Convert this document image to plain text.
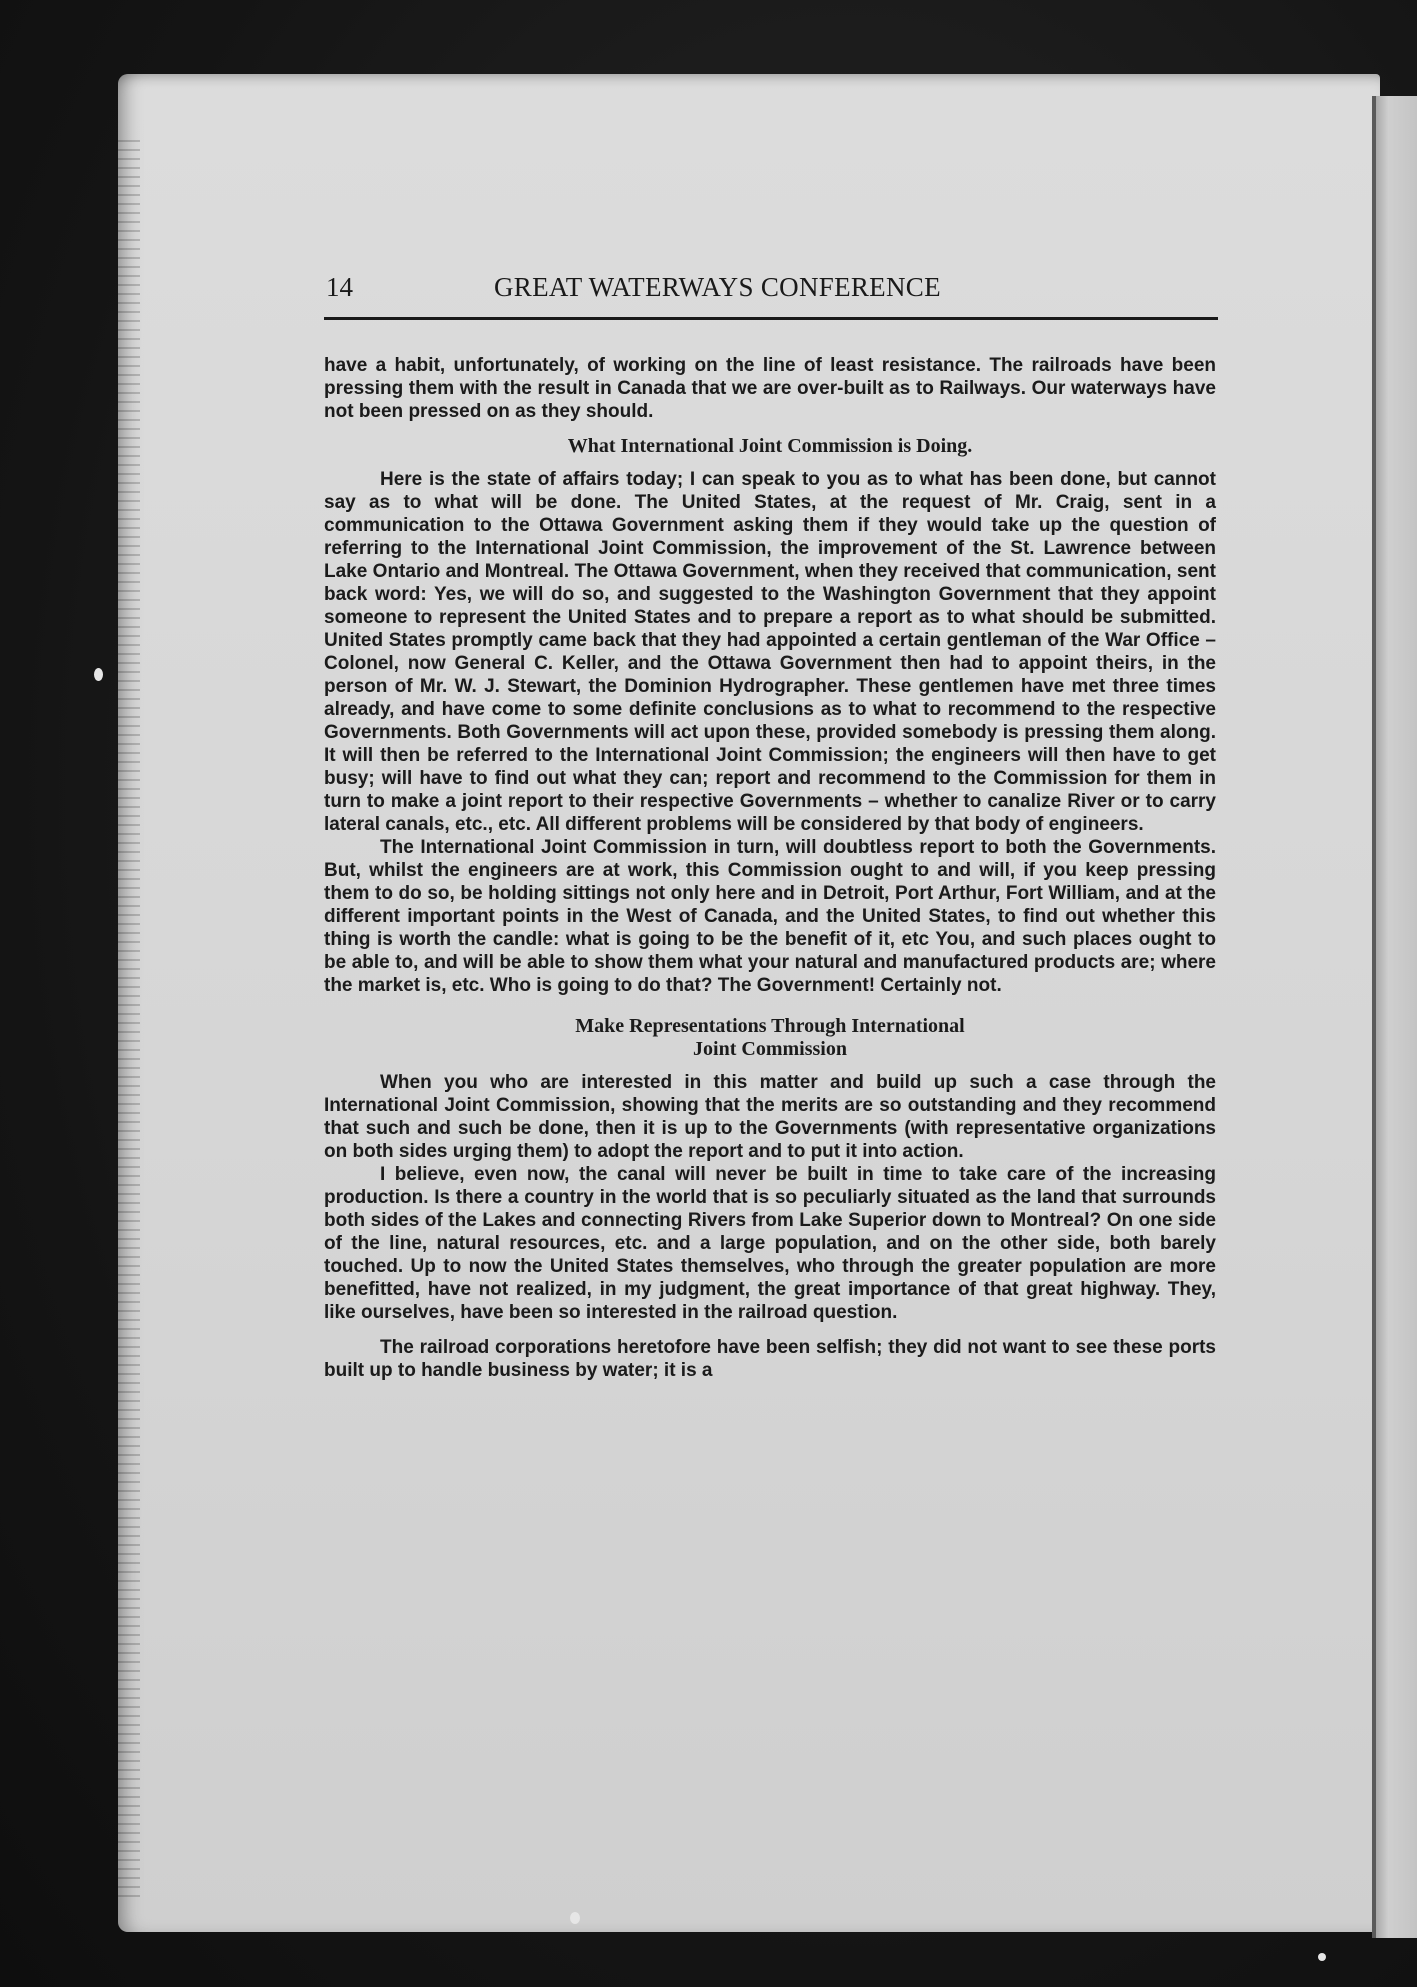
14	GREAT WATERWAYS CONFERENCE

have a habit, unfortunately, of working on the line of least resistance. The railroads have been pressing them with the result in Canada that we are over-built as to Railways. Our waterways have not been pressed on as they should.

What International Joint Commission is Doing.

Here is the state of affairs today; I can speak to you as to what has been done, but cannot say as to what will be done. The United States, at the request of Mr. Craig, sent in a communication to the Ottawa Government asking them if they would take up the question of referring to the International Joint Commission, the improvement of the St. Lawrence between Lake Ontario and Montreal. The Ottawa Government, when they received that communication, sent back word: Yes, we will do so, and suggested to the Washington Government that they appoint someone to represent the United States and to prepare a report as to what should be submitted. United States promptly came back that they had appointed a certain gentleman of the War Office – Colonel, now General C. Keller, and the Ottawa Government then had to appoint theirs, in the person of Mr. W. J. Stewart, the Dominion Hydrographer. These gentlemen have met three times already, and have come to some definite conclusions as to what to recommend to the respective Governments. Both Governments will act upon these, provided somebody is pressing them along. It will then be referred to the International Joint Commission; the engineers will then have to get busy; will have to find out what they can; report and recommend to the Commission for them in turn to make a joint report to their respective Governments – whether to canalize River or to carry lateral canals, etc., etc. All different problems will be considered by that body of engineers.

The International Joint Commission in turn, will doubtless report to both the Governments. But, whilst the engineers are at work, this Commission ought to and will, if you keep pressing them to do so, be holding sittings not only here and in Detroit, Port Arthur, Fort William, and at the different important points in the West of Canada, and the United States, to find out whether this thing is worth the candle: what is going to be the benefit of it, etc You, and such places ought to be able to, and will be able to show them what your natural and manufactured products are; where the market is, etc. Who is going to do that? The Government! Certainly not.

Make Representations Through International
Joint Commission

When you who are interested in this matter and build up such a case through the International Joint Commission, showing that the merits are so outstanding and they recommend that such and such be done, then it is up to the Governments (with representative organizations on both sides urging them) to adopt the report and to put it into action.

I believe, even now, the canal will never be built in time to take care of the increasing production. Is there a country in the world that is so peculiarly situated as the land that surrounds both sides of the Lakes and connecting Rivers from Lake Superior down to Montreal? On one side of the line, natural resources, etc. and a large population, and on the other side, both barely touched. Up to now the United States themselves, who through the greater population are more benefitted, have not realized, in my judgment, the great importance of that great highway. They, like ourselves, have been so interested in the railroad question.

The railroad corporations heretofore have been selfish; they did not want to see these ports built up to handle business by water; it is a
